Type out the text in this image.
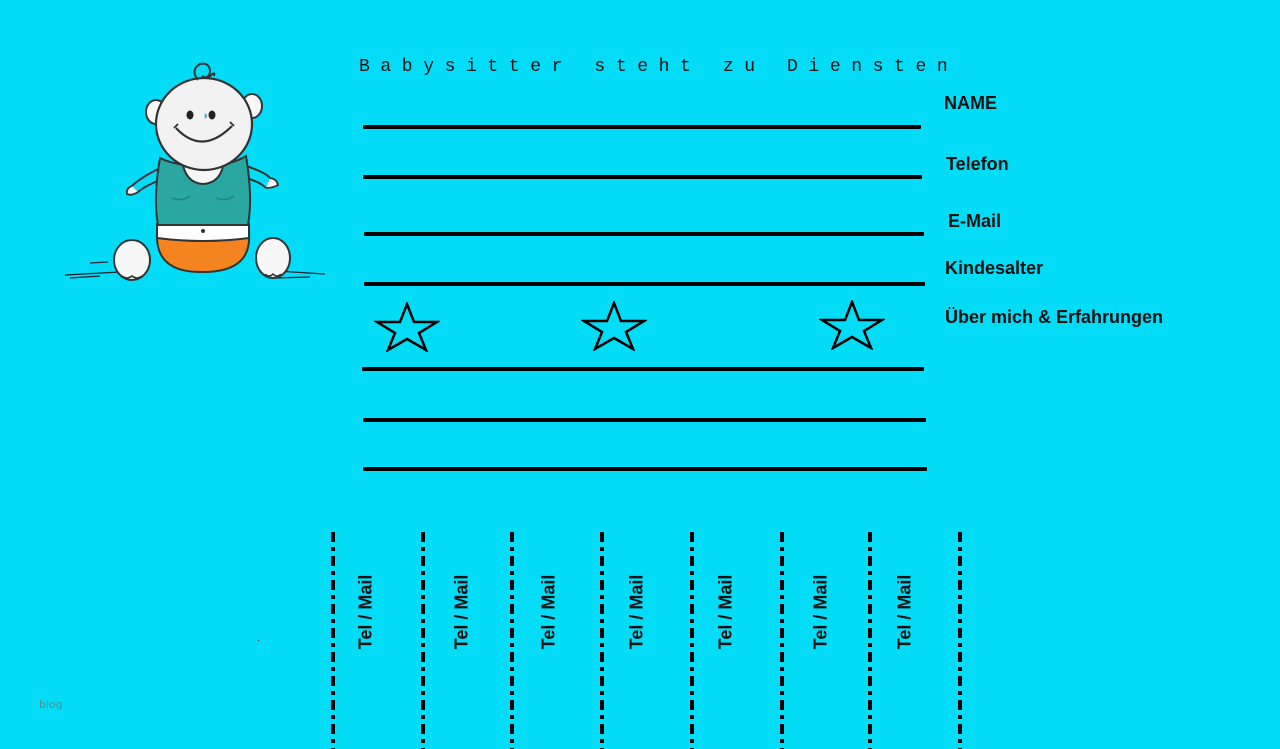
Babysitter steht zu Diensten
NAME
Telefon
E-Mail
Kindesalter
Über mich & Erfahrungen
Tel / Mail	Tel / Mail	Tel / Mail	Tel / Mail	Tel / Mail	Tel / Mail	Tel / Mail
blog
